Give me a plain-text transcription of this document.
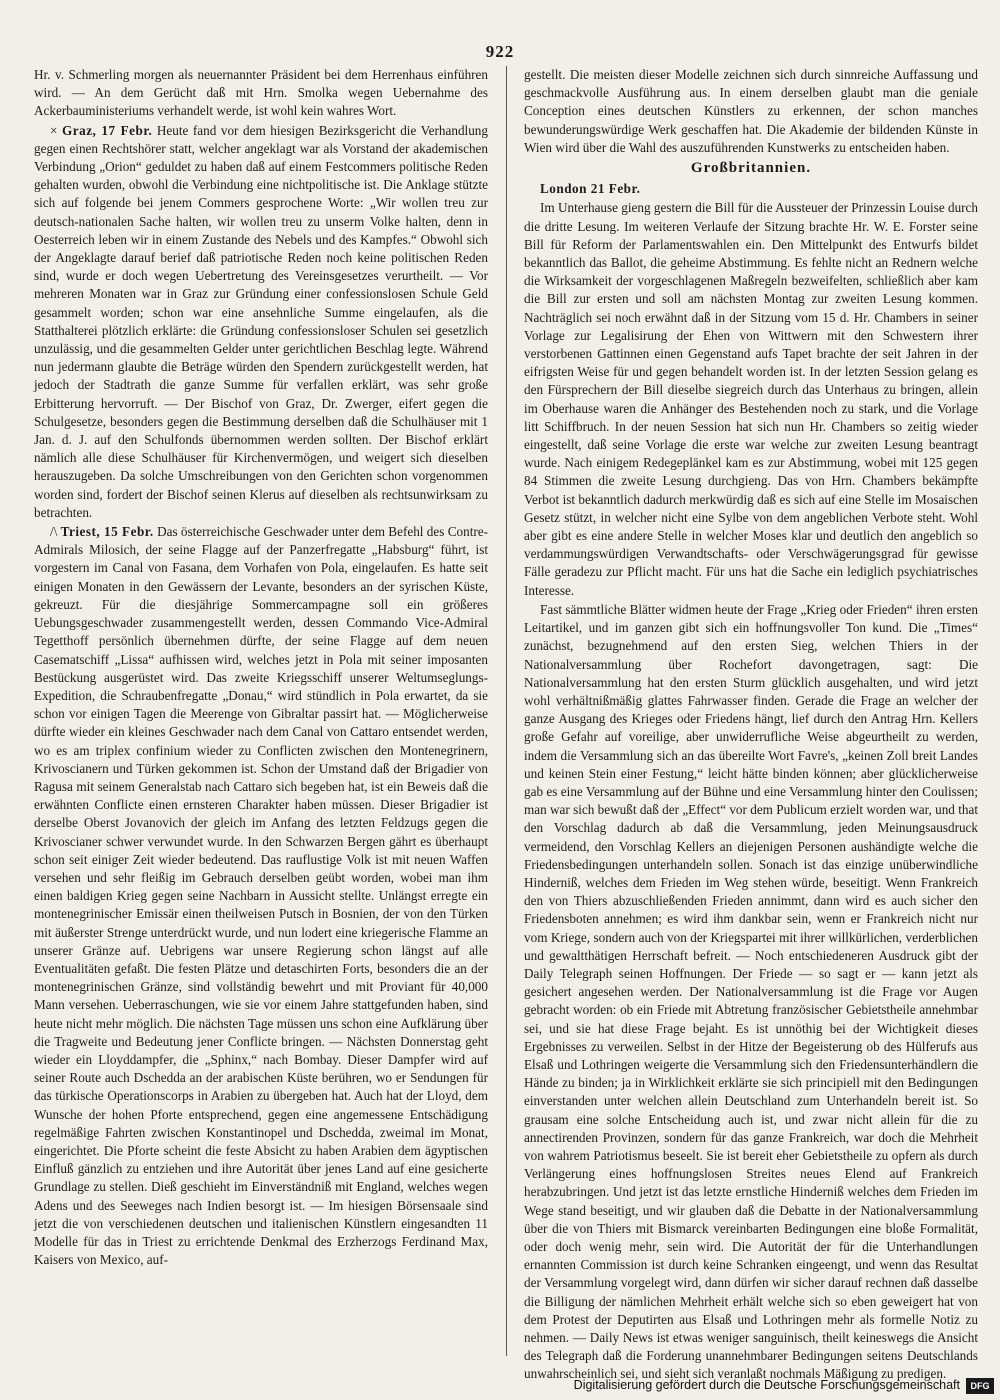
922

Hr. v. Schmerling morgen als neuernannter Präsident bei dem Herrenhaus einführen wird. — An dem Gerücht daß mit Hrn. Smolka wegen Uebernahme des Ackerbauministeriums verhandelt werde, ist wohl kein wahres Wort.

× Graz, 17 Febr. Heute fand vor dem hiesigen Bezirksgericht die Verhandlung gegen einen Rechtshörer statt, welcher angeklagt war als Vorstand der akademischen Verbindung „Orion“ geduldet zu haben daß auf einem Festcommers politische Reden gehalten wurden, obwohl die Verbindung eine nichtpolitische ist. Die Anklage stützte sich auf folgende bei jenem Commers gesprochene Worte: „Wir wollen treu zur deutsch-nationalen Sache halten, wir wollen treu zu unserm Volke halten, denn in Oesterreich leben wir in einem Zustande des Nebels und des Kampfes.“ Obwohl sich der Angeklagte darauf berief daß patriotische Reden noch keine politischen Reden sind, wurde er doch wegen Uebertretung des Vereinsgesetzes verurtheilt. — Vor mehreren Monaten war in Graz zur Gründung einer confessionslosen Schule Geld gesammelt worden; schon war eine ansehnliche Summe eingelaufen, als die Statthalterei plötzlich erklärte: die Gründung confessionsloser Schulen sei gesetzlich unzulässig, und die gesammelten Gelder unter gerichtlichen Beschlag legte. Während nun jedermann glaubte die Beträge würden den Spendern zurückgestellt werden, hat jedoch der Stadtrath die ganze Summe für verfallen erklärt, was sehr große Erbitterung hervorruft. — Der Bischof von Graz, Dr. Zwerger, eifert gegen die Schulgesetze, besonders gegen die Bestimmung derselben daß die Schulhäuser mit 1 Jan. d. J. auf den Schulfonds übernommen werden sollten. Der Bischof erklärt nämlich alle diese Schulhäuser für Kirchenvermögen, und weigert sich dieselben herauszugeben. Da solche Umschreibungen von den Gerichten schon vorgenommen worden sind, fordert der Bischof seinen Klerus auf dieselben als rechtsunwirksam zu betrachten.

/\ Triest, 15 Febr. Das österreichische Geschwader unter dem Befehl des Contre-Admirals Milosich, der seine Flagge auf der Panzerfregatte „Habsburg“ führt, ist vorgestern im Canal von Fasana, dem Vorhafen von Pola, eingelaufen. Es hatte seit einigen Monaten in den Gewässern der Levante, besonders an der syrischen Küste, gekreuzt. Für die diesjährige Sommercampagne soll ein größeres Uebungsgeschwader zusammengestellt werden, dessen Commando Vice-Admiral Tegetthoff persönlich übernehmen dürfte, der seine Flagge auf dem neuen Casematschiff „Lissa“ aufhissen wird, welches jetzt in Pola mit seiner imposanten Bestückung ausgerüstet wird. Das zweite Kriegsschiff unserer Weltumseglungs-Expedition, die Schraubenfregatte „Donau,“ wird stündlich in Pola erwartet, da sie schon vor einigen Tagen die Meerenge von Gibraltar passirt hat. — Möglicherweise dürfte wieder ein kleines Geschwader nach dem Canal von Cattaro entsendet werden, wo es am triplex confinium wieder zu Conflicten zwischen den Montenegrinern, Krivoscianern und Türken gekommen ist. Schon der Umstand daß der Brigadier von Ragusa mit seinem Generalstab nach Cattaro sich begeben hat, ist ein Beweis daß die erwähnten Conflicte einen ernsteren Charakter haben müssen. Dieser Brigadier ist derselbe Oberst Jovanovich der gleich im Anfang des letzten Feldzugs gegen die Krivoscianer schwer verwundet wurde. In den Schwarzen Bergen gährt es überhaupt schon seit einiger Zeit wieder bedeutend. Das rauflustige Volk ist mit neuen Waffen versehen und sehr fleißig im Gebrauch derselben geübt worden, wobei man ihm einen baldigen Krieg gegen seine Nachbarn in Aussicht stellte. Unlängst erregte ein montenegrinischer Emissär einen theilweisen Putsch in Bosnien, der von den Türken mit äußerster Strenge unterdrückt wurde, und nun lodert eine kriegerische Flamme an unserer Gränze auf. Uebrigens war unsere Regierung schon längst auf alle Eventualitäten gefaßt. Die festen Plätze und detaschirten Forts, besonders die an der montenegrinischen Gränze, sind vollständig bewehrt und mit Proviant für 40,000 Mann versehen. Ueberraschungen, wie sie vor einem Jahre stattgefunden haben, sind heute nicht mehr möglich. Die nächsten Tage müssen uns schon eine Aufklärung über die Tragweite und Bedeutung jener Conflicte bringen. — Nächsten Donnerstag geht wieder ein Lloyddampfer, die „Sphinx,“ nach Bombay. Dieser Dampfer wird auf seiner Route auch Dschedda an der arabischen Küste berühren, wo er Sendungen für das türkische Operationscorps in Arabien zu übergeben hat. Auch hat der Lloyd, dem Wunsche der hohen Pforte entsprechend, gegen eine angemessene Entschädigung regelmäßige Fahrten zwischen Konstantinopel und Dschedda, zweimal im Monat, eingerichtet. Die Pforte scheint die feste Absicht zu haben Arabien dem ägyptischen Einfluß gänzlich zu entziehen und ihre Autorität über jenes Land auf eine gesicherte Grundlage zu stellen. Dieß geschieht im Einverständniß mit England, welches wegen Adens und des Seeweges nach Indien besorgt ist. — Im hiesigen Börsensaale sind jetzt die von verschiedenen deutschen und italienischen Künstlern eingesandten 11 Modelle für das in Triest zu errichtende Denkmal des Erzherzogs Ferdinand Max, Kaisers von Mexico, auf-

gestellt. Die meisten dieser Modelle zeichnen sich durch sinnreiche Auffassung und geschmackvolle Ausführung aus. In einem derselben glaubt man die geniale Conception eines deutschen Künstlers zu erkennen, der schon manches bewunderungswürdige Werk geschaffen hat. Die Akademie der bildenden Künste in Wien wird über die Wahl des auszuführenden Kunstwerks zu entscheiden haben.

Großbritannien.

London 21 Febr.

Im Unterhause gieng gestern die Bill für die Aussteuer der Prinzessin Louise durch die dritte Lesung. Im weiteren Verlaufe der Sitzung brachte Hr. W. E. Forster seine Bill für Reform der Parlamentswahlen ein. Den Mittelpunkt des Entwurfs bildet bekanntlich das Ballot, die geheime Abstimmung. Es fehlte nicht an Rednern welche die Wirksamkeit der vorgeschlagenen Maßregeln bezweifelten, schließlich aber kam die Bill zur ersten und soll am nächsten Montag zur zweiten Lesung kommen. Nachträglich sei noch erwähnt daß in der Sitzung vom 15 d. Hr. Chambers in seiner Vorlage zur Legalisirung der Ehen von Wittwern mit den Schwestern ihrer verstorbenen Gattinnen einen Gegenstand aufs Tapet brachte der seit Jahren in der eifrigsten Weise für und gegen behandelt worden ist. In der letzten Session gelang es den Fürsprechern der Bill dieselbe siegreich durch das Unterhaus zu bringen, allein im Oberhause waren die Anhänger des Bestehenden noch zu stark, und die Vorlage litt Schiffbruch. In der neuen Session hat sich nun Hr. Chambers so zeitig wieder eingestellt, daß seine Vorlage die erste war welche zur zweiten Lesung beantragt wurde. Nach einigem Redegeplänkel kam es zur Abstimmung, wobei mit 125 gegen 84 Stimmen die zweite Lesung durchgieng. Das von Hrn. Chambers bekämpfte Verbot ist bekanntlich dadurch merkwürdig daß es sich auf eine Stelle im Mosaischen Gesetz stützt, in welcher nicht eine Sylbe von dem angeblichen Verbote steht. Wohl aber gibt es eine andere Stelle in welcher Moses klar und deutlich den angeblich so verdammungswürdigen Verwandtschafts- oder Verschwägerungsgrad für gewisse Fälle geradezu zur Pflicht macht. Für uns hat die Sache ein lediglich psychiatrisches Interesse.

Fast sämmtliche Blätter widmen heute der Frage „Krieg oder Frieden“ ihren ersten Leitartikel, und im ganzen gibt sich ein hoffnungsvoller Ton kund. Die „Times“ zunächst, bezugnehmend auf den ersten Sieg, welchen Thiers in der Nationalversammlung über Rochefort davongetragen, sagt: Die Nationalversammlung hat den ersten Sturm glücklich ausgehalten, und wird jetzt wohl verhältnißmäßig glattes Fahrwasser finden. Gerade die Frage an welcher der ganze Ausgang des Krieges oder Friedens hängt, lief durch den Antrag Hrn. Kellers große Gefahr auf voreilige, aber unwiderrufliche Weise abgeurtheilt zu werden, indem die Versammlung sich an das übereilte Wort Favre's, „keinen Zoll breit Landes und keinen Stein einer Festung,“ leicht hätte binden können; aber glücklicherweise gab es eine Versammlung auf der Bühne und eine Versammlung hinter den Coulissen; man war sich bewußt daß der „Effect“ vor dem Publicum erzielt worden war, und that den Vorschlag dadurch ab daß die Versammlung, jeden Meinungsausdruck vermeidend, den Vorschlag Kellers an diejenigen Personen aushändigte welche die Friedensbedingungen unterhandeln sollen. Sonach ist das einzige unüberwindliche Hinderniß, welches dem Frieden im Weg stehen würde, beseitigt. Wenn Frankreich den von Thiers abzuschließenden Frieden annimmt, dann wird es auch sicher den Friedensboten annehmen; es wird ihm dankbar sein, wenn er Frankreich nicht nur vom Kriege, sondern auch von der Kriegspartei mit ihrer willkürlichen, verderblichen und gewaltthätigen Herrschaft befreit. — Noch entschiedeneren Ausdruck gibt der Daily Telegraph seinen Hoffnungen. Der Friede — so sagt er — kann jetzt als gesichert angesehen werden. Der Nationalversammlung ist die Frage vor Augen gebracht worden: ob ein Friede mit Abtretung französischer Gebietstheile annehmbar sei, und sie hat diese Frage bejaht. Es ist unnöthig bei der Wichtigkeit dieses Ergebnisses zu verweilen. Selbst in der Hitze der Begeisterung ob des Hülferufs aus Elsaß und Lothringen weigerte die Versammlung sich den Friedensunterhändlern die Hände zu binden; ja in Wirklichkeit erklärte sie sich principiell mit den Bedingungen einverstanden unter welchen allein Deutschland zum Unterhandeln bereit ist. So grausam eine solche Entscheidung auch ist, und zwar nicht allein für die zu annectirenden Provinzen, sondern für das ganze Frankreich, war doch die Mehrheit von wahrem Patriotismus beseelt. Sie ist bereit eher Gebietstheile zu opfern als durch Verlängerung eines hoffnungslosen Streites neues Elend auf Frankreich herabzubringen. Und jetzt ist das letzte ernstliche Hinderniß welches dem Frieden im Wege stand beseitigt, und wir glauben daß die Debatte in der Nationalversammlung über die von Thiers mit Bismarck vereinbarten Bedingungen eine bloße Formalität, oder doch wenig mehr, sein wird. Die Autorität der für die Unterhandlungen ernannten Commission ist durch keine Schranken eingeengt, und wenn das Resultat der Versammlung vorgelegt wird, dann dürfen wir sicher darauf rechnen daß dasselbe die Billigung der nämlichen Mehrheit erhält welche sich so eben geweigert hat von dem Protest der Deputirten aus Elsaß und Lothringen mehr als formelle Notiz zu nehmen. — Daily News ist etwas weniger sanguinisch, theilt keineswegs die Ansicht des Telegraph daß die Forderung unannehmbarer Bedingungen seitens Deutschlands unwahrscheinlich sei, und sieht sich veranlaßt nochmals Mäßigung zu predigen.

Digitalisierung gefördert durch die Deutsche Forschungsgemeinschaft	DFG
